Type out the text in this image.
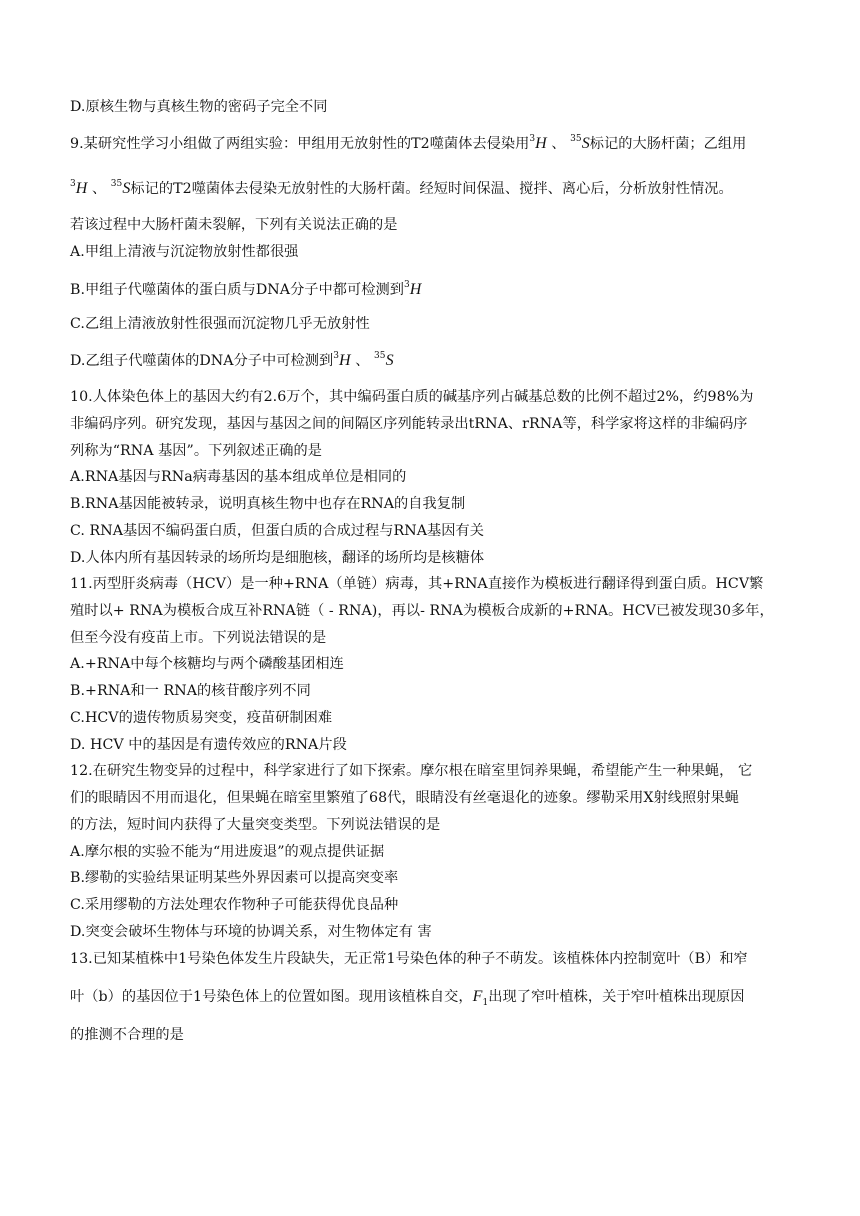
D.原核生物与真核生物的密码子完全不同
9.某研究性学习小组做了两组实验：甲组用无放射性的T2噬菌体去侵染用$^3$H 、 $^{35}$S标记的大肠杆菌；乙组用
$^3$H 、 $^{35}$S标记的T2噬菌体去侵染无放射性的大肠杆菌。经短时间保温、搅拌、离心后，分析放射性情况。
若该过程中大肠杆菌未裂解，下列有关说法正确的是
A.甲组上清液与沉淀物放射性都很强
B.甲组子代噬菌体的蛋白质与DNA分子中都可检测到$^3$H
C.乙组上清液放射性很强而沉淀物几乎无放射性
D.乙组子代噬菌体的DNA分子中可检测到$^3$H 、 $^{35}$S
10.人体染色体上的基因大约有2.6万个，其中编码蛋白质的碱基序列占碱基总数的比例不超过2%，约98%为
非编码序列。研究发现，基因与基因之间的间隔区序列能转录出tRNA、rRNA等，科学家将这样的非编码序
列称为“RNA 基因”。下列叙述正确的是
A.RNA基因与RNa病毒基因的基本组成单位是相同的
B.RNA基因能被转录，说明真核生物中也存在RNA的自我复制
C. RNA基因不编码蛋白质，但蛋白质的合成过程与RNA基因有关
D.人体内所有基因转录的场所均是细胞核，翻译的场所均是核糖体
11.丙型肝炎病毒（HCV）是一种+RNA（单链）病毒，其+RNA直接作为模板进行翻译得到蛋白质。HCV繁
殖时以+ RNA为模板合成互补RNA链（ - RNA)，再以- RNA为模板合成新的+RNA。HCV已被发现30多年，
但至今没有疫苗上市。下列说法错误的是
A.+RNA中每个核糖均与两个磷酸基团相连
B.+RNA和一 RNA的核苷酸序列不同
C.HCV的遗传物质易突变，疫苗研制困难
D. HCV 中的基因是有遗传效应的RNA片段
12.在研究生物变异的过程中，科学家进行了如下探索。摩尔根在暗室里饲养果蝇，希望能产生一种果蝇， 它
们的眼睛因不用而退化，但果蝇在暗室里繁殖了68代，眼睛没有丝毫退化的迹象。缪勒采用X射线照射果蝇
的方法，短时间内获得了大量突变类型。下列说法错误的是
A.摩尔根的实验不能为“用进废退”的观点提供证据
B.缪勒的实验结果证明某些外界因素可以提高突变率
C.采用缪勒的方法处理农作物种子可能获得优良品种
D.突变会破坏生物体与环境的协调关系，对生物体定有 害
13.已知某植株中1号染色体发生片段缺失，无正常1号染色体的种子不萌发。该植株体内控制宽叶（B）和窄
叶（b）的基因位于1号染色体上的位置如图。现用该植株自交，$F_1$出现了窄叶植株，关于窄叶植株出现原因
的推测不合理的是
